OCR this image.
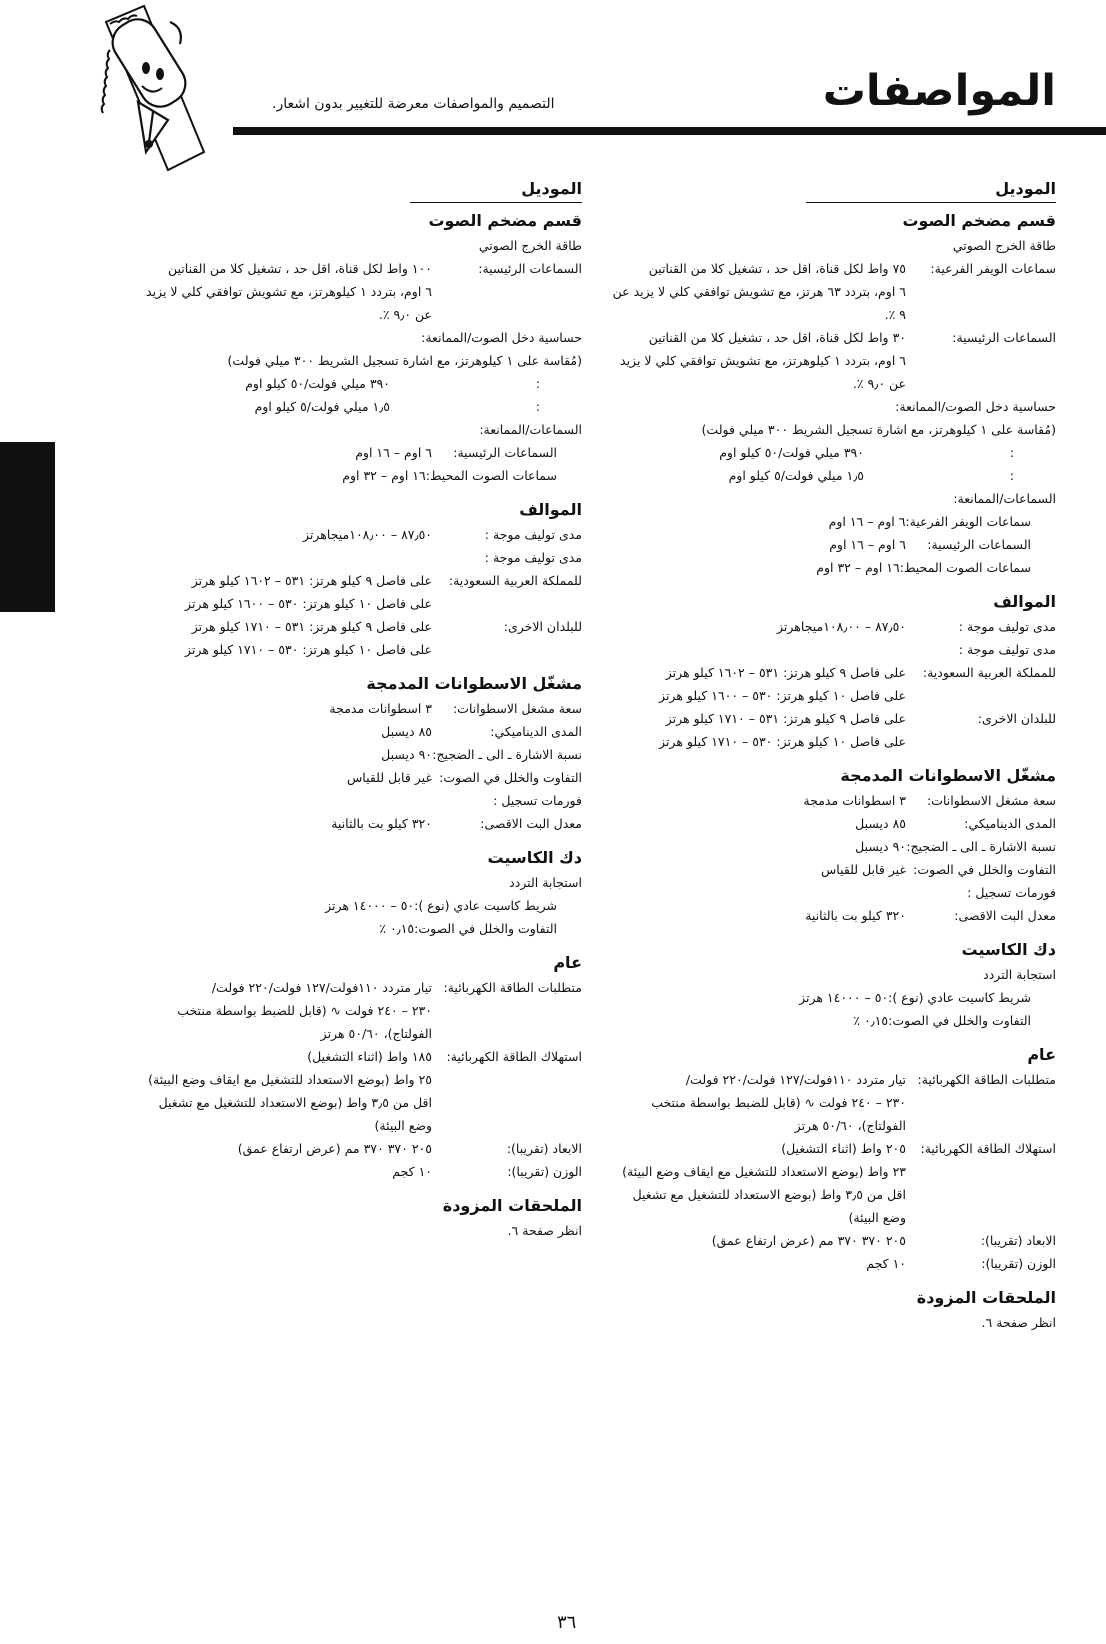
المواصفات
التصميم والمواصفات معرضة للتغيير بدون اشعار.
الموديل
قسم مضخم الصوت
طاقة الخرج الصوتي
سماعات الويفر الفرعية:
٧٥ واط لكل قناة، اقل حد ، تشغيل كلا من القناتين
٦ اوم، بتردد ٦٣ هرتز، مع تشويش توافقي كلي لا يزيد عن
٩ ٪.
السماعات الرئيسية:
٣٠ واط لكل قناة، اقل حد ، تشغيل كلا من القناتين
٦ اوم، بتردد ١ كيلوهرتز، مع تشويش توافقي كلي لا يزيد
عن ٩٫٠ ٪.
حساسية دخل الصوت/الممانعة:
(مُقاسة على ١ كيلوهرتز، مع اشارة تسجيل الشريط ٣٠٠ ميلي فولت)
:
٣٩٠ ميلي فولت/٥٠ كيلو اوم
:
١٫٥ ميلي فولت/٥ كيلو اوم
السماعات/الممانعة:
سماعات الويفر الفرعية:
٦ اوم – ١٦ اوم
السماعات الرئيسية:
٦ اوم – ١٦ اوم
سماعات الصوت المحيط:
١٦ اوم – ٣٢ اوم
الموالف
مدى توليف موجة :
٨٧٫٥٠ – ١٠٨٫٠٠ميجاهرتز
مدى توليف موجة :
للمملكة العربية السعودية:
على فاصل ٩ كيلو هرتز: ٥٣١ – ١٦٠٢ كيلو هرتز
على فاصل ١٠ كيلو هرتز: ٥٣٠ – ١٦٠٠ كيلو هرتز
للبلدان الاخرى:
على فاصل ٩ كيلو هرتز: ٥٣١ – ١٧١٠ كيلو هرتز
على فاصل ١٠ كيلو هرتز: ٥٣٠ – ١٧١٠ كيلو هرتز
مشغّل الاسطوانات المدمجة
سعة مشغل الاسطوانات:
٣ اسطوانات مدمجة
المدى الديناميكي:
٨٥ ديسبل
نسبة الاشارة ـ الى ـ الضجيج:
٩٠ ديسبل
التفاوت والخلل في الصوت:
غير قابل للقياس
فورمات تسجيل :
معدل البت الاقصى:
٣٢٠ كيلو بت بالثانية
دك الكاسيت
استجابة التردد
شريط كاسيت عادي (نوع ):
٥٠ – ١٤٠٠٠ هرتز
التفاوت والخلل في الصوت:
٠٫١٥ ٪
عام
متطلبات الطاقة الكهربائية:
تيار متردد ١١٠فولت/١٢٧ فولت/٢٢٠ فولت/
٢٣٠ – ٢٤٠ فولت ∿ (قابل للضبط بواسطة منتخب
الفولتاج)، ٥٠/٦٠ هرتز
استهلاك الطاقة الكهربائية:
٢٠٥ واط (اثناء التشغيل)
٢٣ واط (بوضع الاستعداد للتشغيل مع ايقاف وضع البيئة)
اقل من ٣٫٥ واط (بوضع الاستعداد للتشغيل مع تشغيل
وضع البيئة)
الابعاد (تقريبا):
٢٠٥ ٣٧٠ ٣٧٠ مم (عرض ارتفاع عمق)
الوزن (تقريبا):
١٠ كجم
الملحقات المزودة
انظر صفحة ٦.
الموديل
قسم مضخم الصوت
طاقة الخرج الصوتي
السماعات الرئيسية:
١٠٠ واط لكل قناة، اقل حد ، تشغيل كلا من القناتين
٦ اوم، بتردد ١ كيلوهرتز، مع تشويش توافقي كلي لا يزيد
عن ٩٫٠ ٪.
حساسية دخل الصوت/الممانعة:
(مُقاسة على ١ كيلوهرتز، مع اشارة تسجيل الشريط ٣٠٠ ميلي فولت)
:
٣٩٠ ميلي فولت/٥٠ كيلو اوم
:
١٫٥ ميلي فولت/٥ كيلو اوم
السماعات/الممانعة:
السماعات الرئيسية:
٦ اوم – ١٦ اوم
سماعات الصوت المحيط:
١٦ اوم – ٣٢ اوم
الموالف
مدى توليف موجة :
٨٧٫٥٠ – ١٠٨٫٠٠ميجاهرتز
مدى توليف موجة :
للمملكة العربية السعودية:
على فاصل ٩ كيلو هرتز: ٥٣١ – ١٦٠٢ كيلو هرتز
على فاصل ١٠ كيلو هرتز: ٥٣٠ – ١٦٠٠ كيلو هرتز
للبلدان الاخرى:
على فاصل ٩ كيلو هرتز: ٥٣١ – ١٧١٠ كيلو هرتز
على فاصل ١٠ كيلو هرتز: ٥٣٠ – ١٧١٠ كيلو هرتز
مشغّل الاسطوانات المدمجة
سعة مشغل الاسطوانات:
٣ اسطوانات مدمجة
المدى الديناميكي:
٨٥ ديسبل
نسبة الاشارة ـ الى ـ الضجيج:
٩٠ ديسبل
التفاوت والخلل في الصوت:
غير قابل للقياس
فورمات تسجيل :
معدل البت الاقصى:
٣٢٠ كيلو بت بالثانية
دك الكاسيت
استجابة التردد
شريط كاسيت عادي (نوع ):
٥٠ – ١٤٠٠٠ هرتز
التفاوت والخلل في الصوت:
٠٫١٥ ٪
عام
متطلبات الطاقة الكهربائية:
تيار متردد ١١٠فولت/١٢٧ فولت/٢٢٠ فولت/
٢٣٠ – ٢٤٠ فولت ∿ (قابل للضبط بواسطة منتخب
الفولتاج)، ٥٠/٦٠ هرتز
استهلاك الطاقة الكهربائية:
١٨٥ واط (اثناء التشغيل)
٢٥ واط (بوضع الاستعداد للتشغيل مع ايقاف وضع البيئة)
اقل من ٣٫٥ واط (بوضع الاستعداد للتشغيل مع تشغيل
وضع البيئة)
الابعاد (تقريبا):
٢٠٥ ٣٧٠ ٣٧٠ مم (عرض ارتفاع عمق)
الوزن (تقريبا):
١٠ كجم
الملحقات المزودة
انظر صفحة ٦.
٣٦
